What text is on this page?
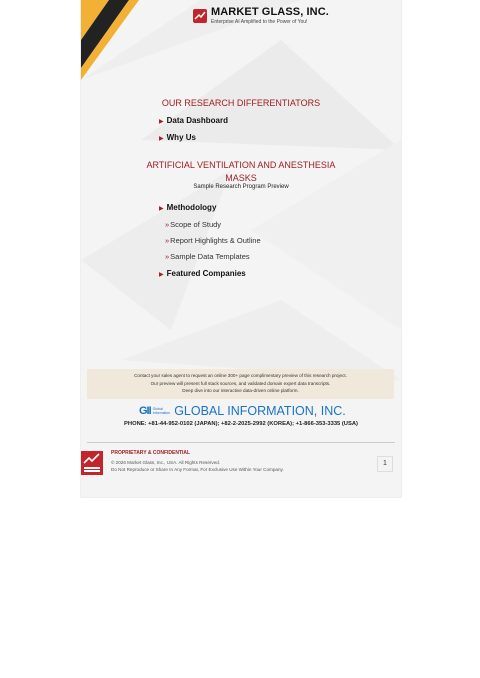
MARKET GLASS, INC.
Enterprise AI Amplified to the Power of You!
OUR RESEARCH DIFFERENTIATORS
▶ Data Dashboard
▶ Why Us
ARTIFICIAL VENTILATION AND ANESTHESIA
MASKS
Sample Research Program Preview
▶ Methodology
»Scope of Study
»Report Highlights & Outline
»Sample Data Templates
▶ Featured Companies
Contact your sales agent to request an online 300+ page complimentary preview of this research project.
Our preview will present full stack sources, and validated domain expert data transcripts.
Deep dive into our interactive data-driven online platform.
GII Global
Information GLOBAL INFORMATION, INC.
PHONE: +81-44-952-0102 (JAPAN); +82-2-2025-2992 (KOREA); +1-866-353-3335 (USA)
PROPRIETARY & CONFIDENTIAL
© 2026 Market Glass, Inc., USA. All Rights Reserved.
Do Not Reproduce or Share In Any Format, For Exclusive Use Within Your Company.
1
